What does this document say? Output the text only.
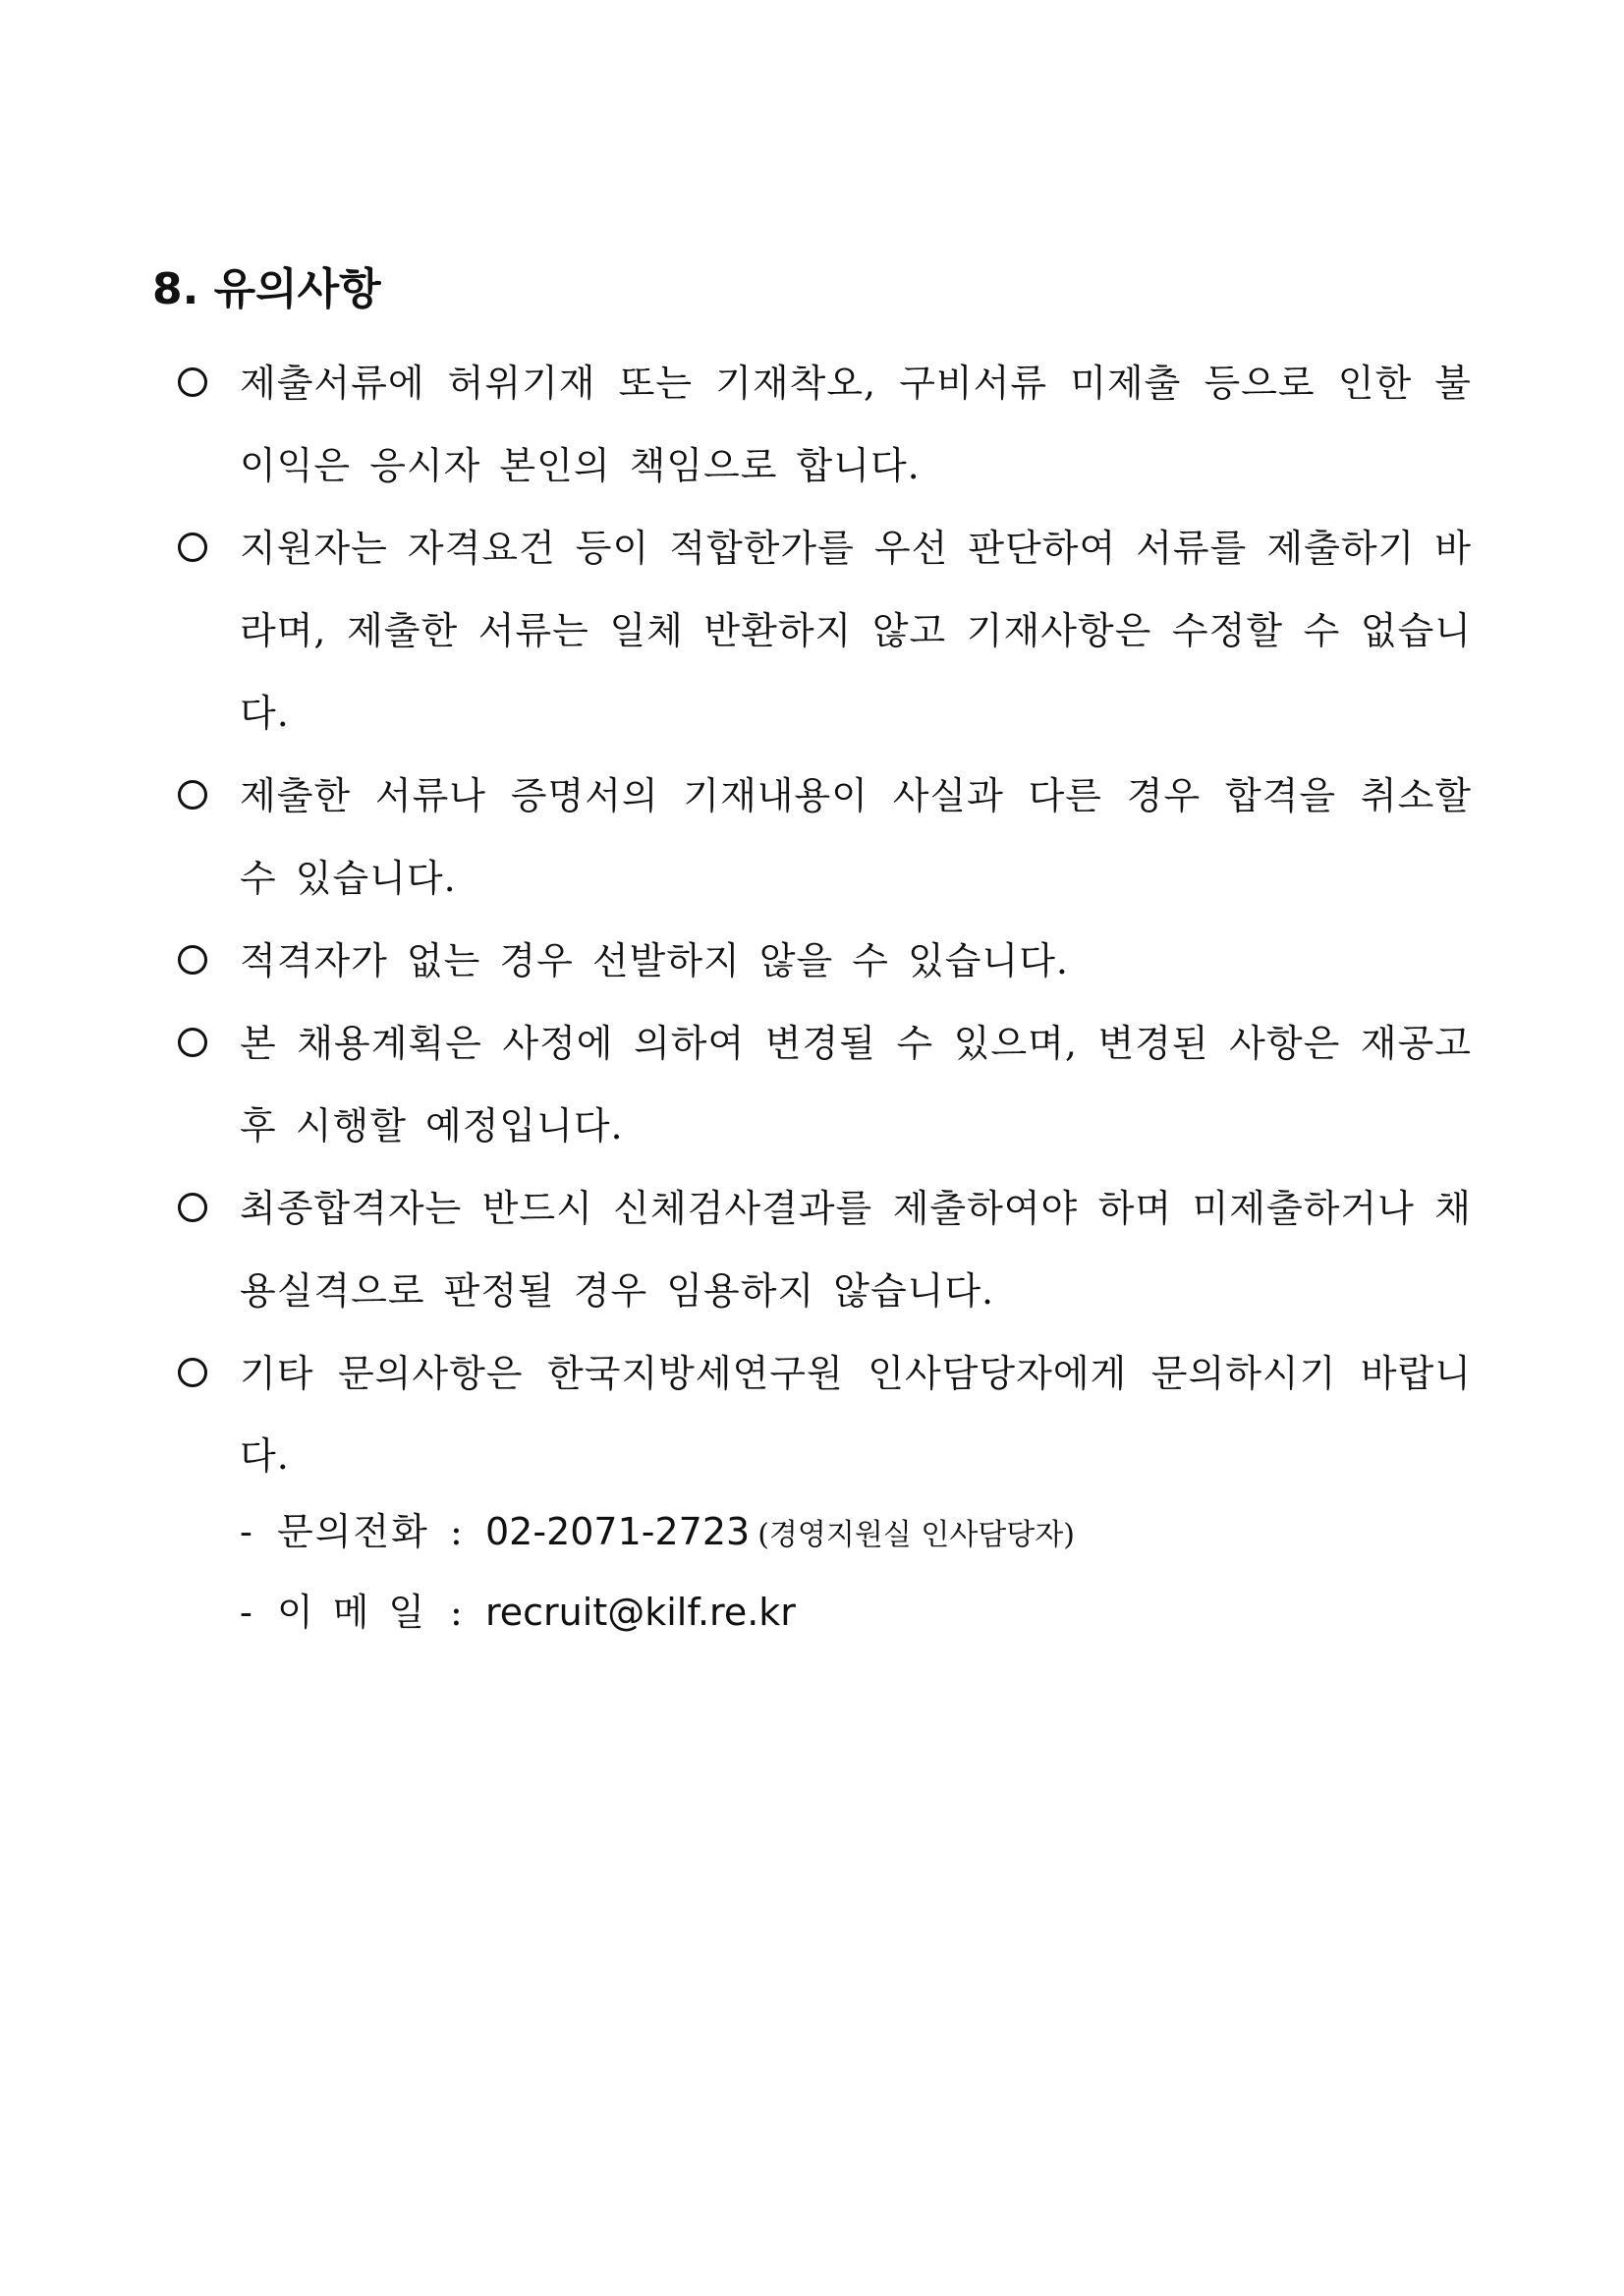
8. 유의사항

제출서류에 허위기재 또는 기재착오, 구비서류 미제출 등으로 인한 불이익은 응시자 본인의 책임으로 합니다.

지원자는 자격요건 등이 적합한가를 우선 판단하여 서류를 제출하기 바라며, 제출한 서류는 일체 반환하지 않고 기재사항은 수정할 수 없습니다.

제출한 서류나 증명서의 기재내용이 사실과 다른 경우 합격을 취소할 수 있습니다.

적격자가 없는 경우 선발하지 않을 수 있습니다.

본 채용계획은 사정에 의하여 변경될 수 있으며, 변경된 사항은 재공고 후 시행할 예정입니다.

최종합격자는 반드시 신체검사결과를 제출하여야 하며 미제출하거나 채용실격으로 판정될 경우 임용하지 않습니다.

기타 문의사항은 한국지방세연구원 인사담당자에게 문의하시기 바랍니다.

- 문의전화 : 02-2071-2723 (경영지원실 인사담당자)
- 이메일 : recruit@kilf.re.kr
